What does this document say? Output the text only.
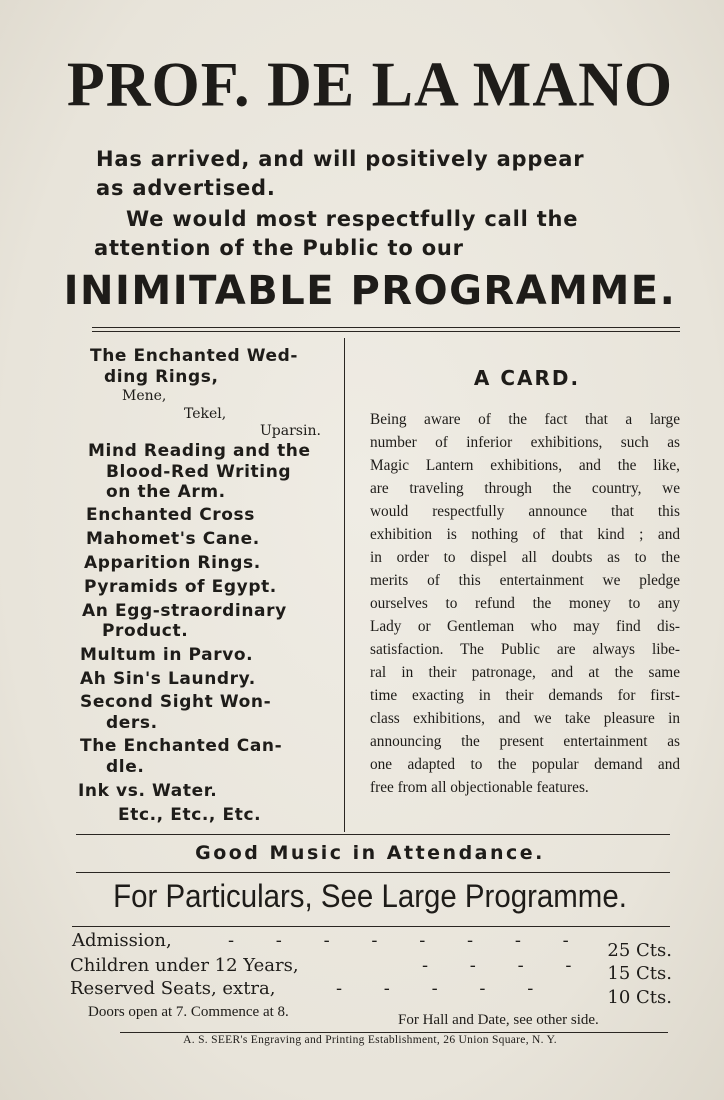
PROF. DE LA MANO
Has arrived, and will positively appear
as advertised.
We would most respectfully call the
attention of the Public to our
INIMITABLE PROGRAMME.
The Enchanted Wed-
ding Rings,
Mene,
Tekel,
Uparsin.
Mind Reading and the
Blood-Red Writing
on the Arm.
Enchanted Cross
Mahomet's Cane.
Apparition Rings.
Pyramids of Egypt.
An Egg-straordinary
Product.
Multum in Parvo.
Ah Sin's Laundry.
Second Sight Won-
ders.
The Enchanted Can-
dle.
Ink vs. Water.
Etc., Etc., Etc.
A CARD.
Being aware of the fact that a large
number of inferior exhibitions, such as
Magic Lantern exhibitions, and the like,
are traveling through the country, we
would respectfully announce that this
exhibition is nothing of that kind ; and
in order to dispel all doubts as to the
merits of this entertainment we pledge
ourselves to refund the money to any
Lady or Gentleman who may find dis-
satisfaction. The Public are always libe-
ral in their patronage, and at the same
time exacting in their demands for first-
class exhibitions, and we take pleasure in
announcing the present entertainment as
one adapted to the popular demand and
free from all objectionable features.
Good Music in Attendance.
For Particulars, See Large Programme.
Admission,	- - - - - - - - 25 Cts.
Children under 12 Years,	- - - - 15 Cts.
Reserved Seats, extra,	- - - - -	10 Cts.
Doors open at 7. Commence at 8.	For Hall and Date, see other side.
A. S. SEER's Engraving and Printing Establishment, 26 Union Square, N. Y.
